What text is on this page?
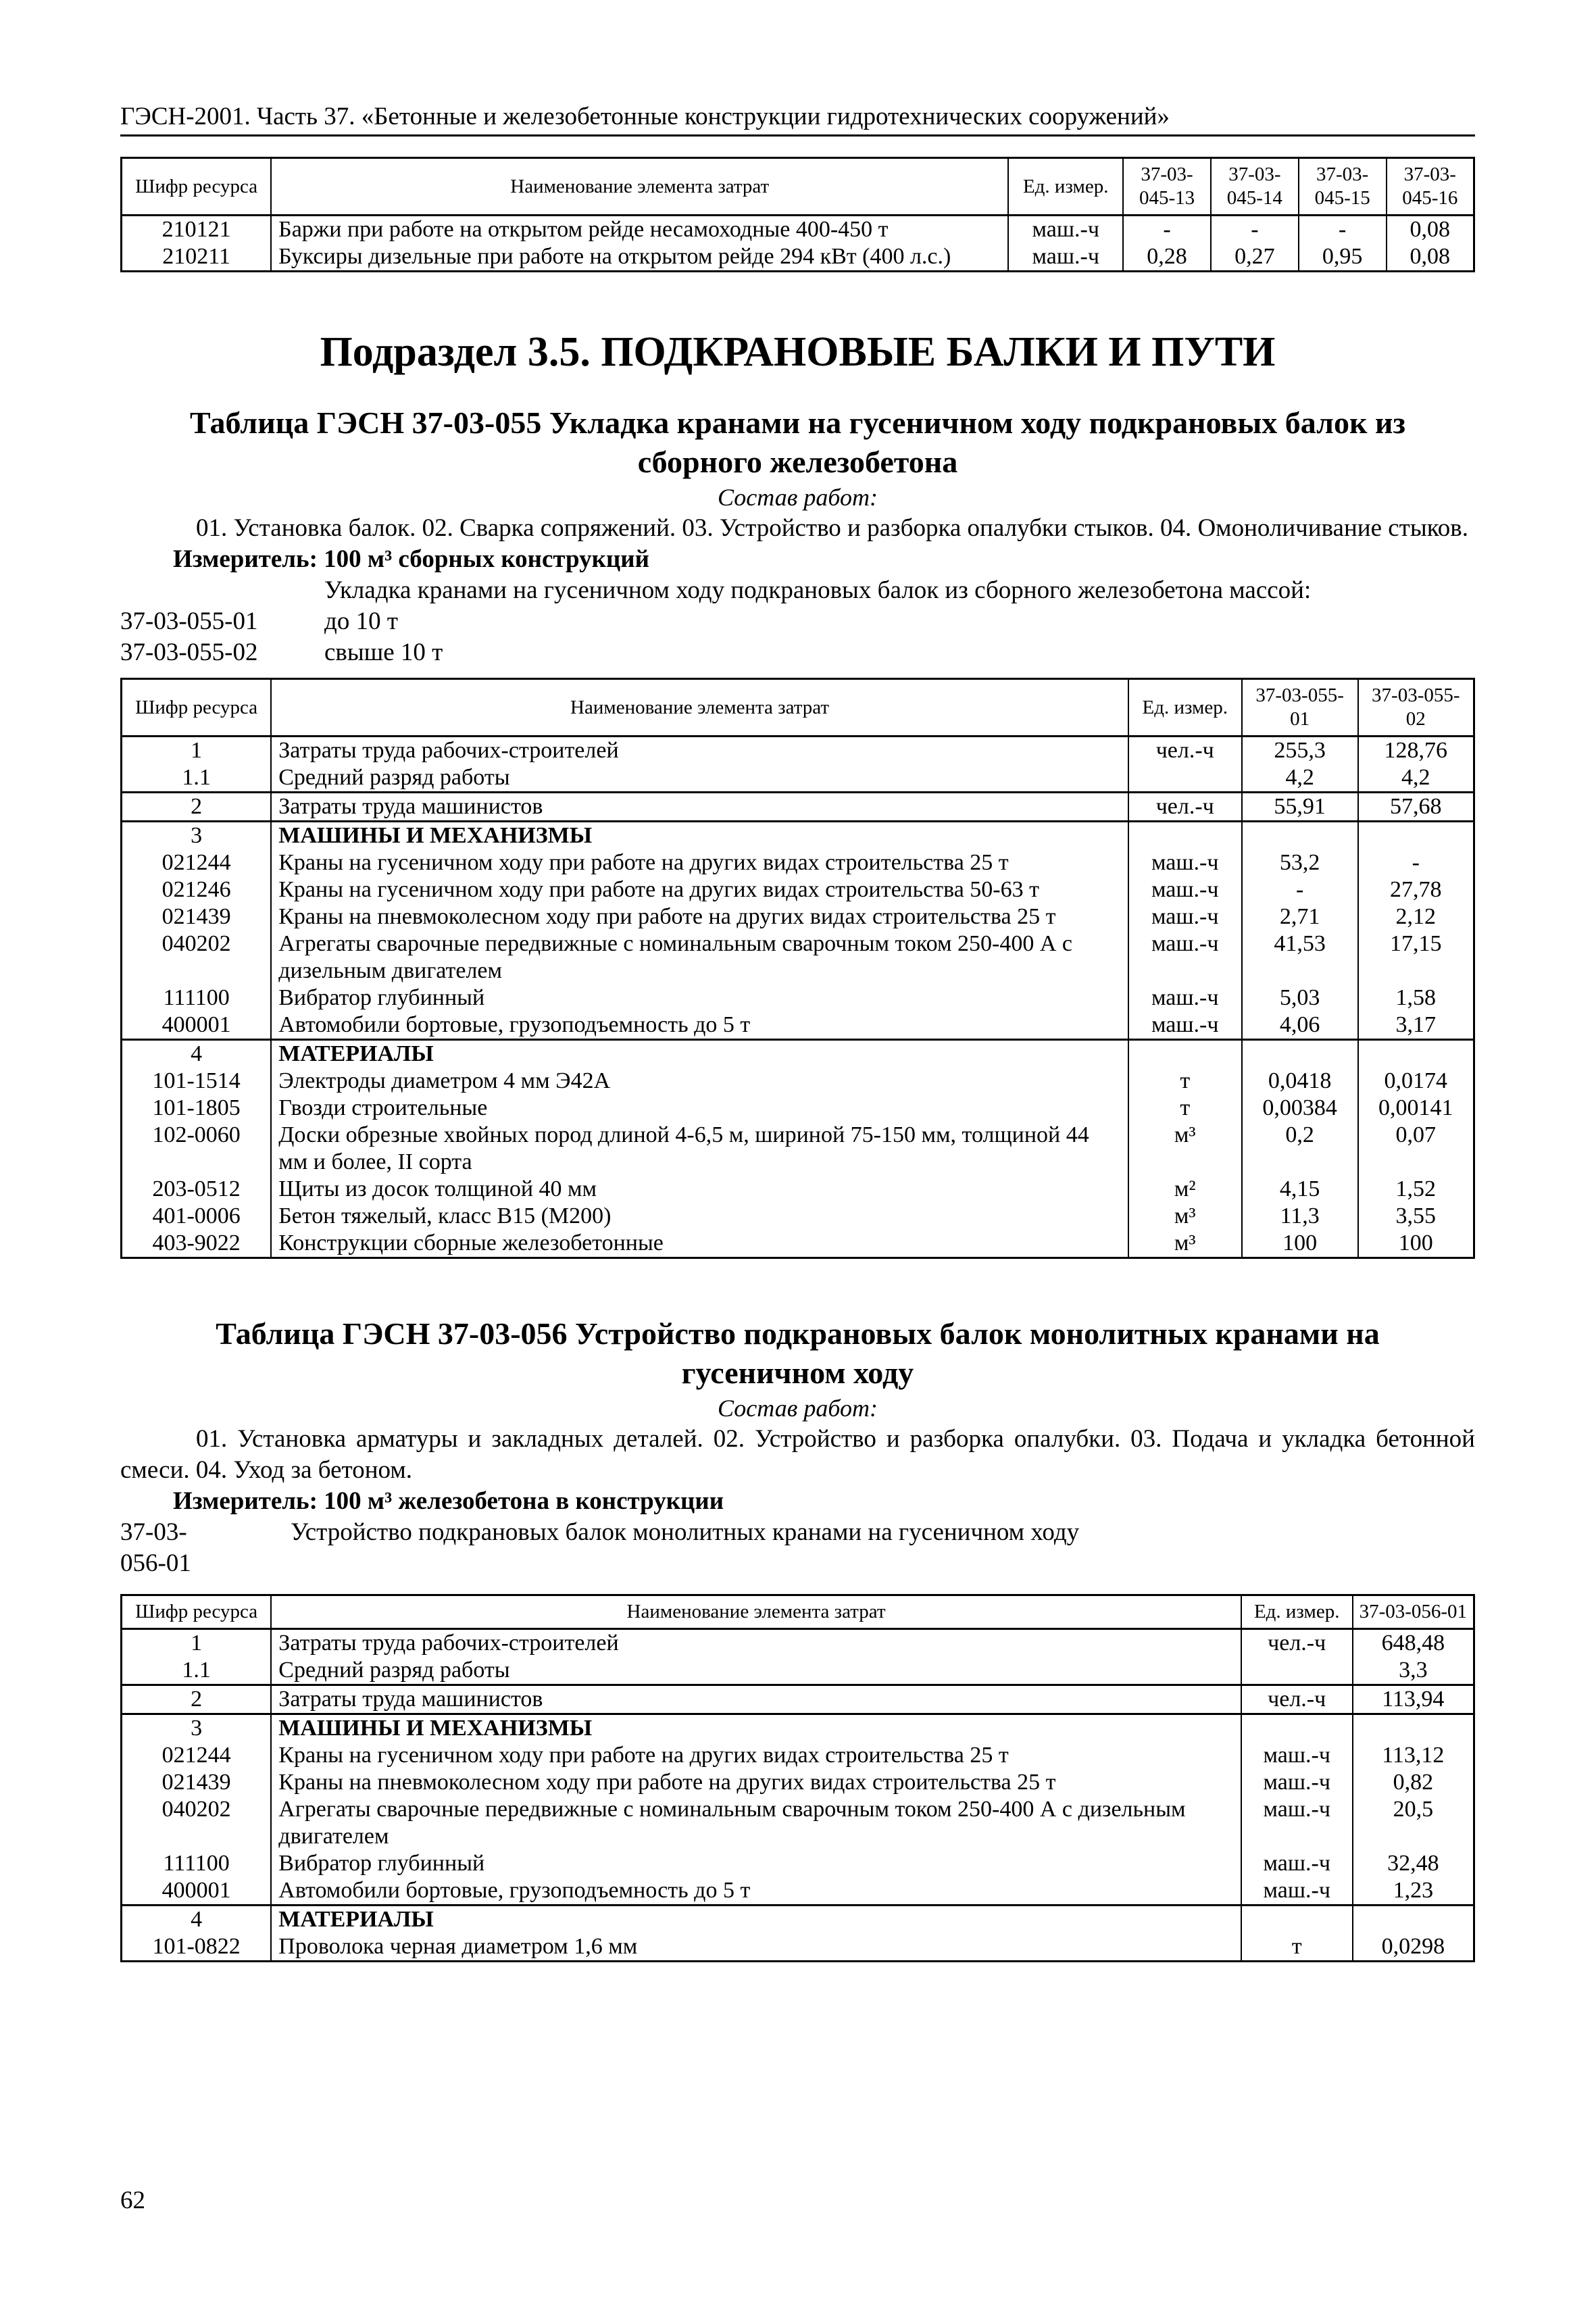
ГЭСН-2001. Часть 37. «Бетонные и железобетонные конструкции гидротехнических сооружений»
Шифр ресурса	Наименование элемента затрат	Ед. измер.	37-03-045-13	37-03-045-14	37-03-045-15	37-03-045-16
210121	Баржи при работе на открытом рейде несамоходные 400-450 т	маш.-ч	-	-	-	0,08
210211	Буксиры дизельные при работе на открытом рейде 294 кВт (400 л.с.)	маш.-ч	0,28	0,27	0,95	0,08

Подраздел 3.5. ПОДКРАНОВЫЕ БАЛКИ И ПУТИ

Таблица ГЭСН 37-03-055 Укладка кранами на гусеничном ходу подкрановых балок из

сборного железобетона

Состав работ:
01. Установка балок. 02. Сварка сопряжений. 03. Устройство и разборка опалубки стыков. 04. Омоноличивание стыков.
Измеритель: 100 м³ сборных конструкций
Укладка кранами на гусеничном ходу подкрановых балок из сборного железобетона массой:
37-03-055-01	до 10 т
37-03-055-02	свыше 10 т
Шифр ресурса	Наименование элемента затрат	Ед. измер.	37-03-055-01	37-03-055-02
1	Затраты труда рабочих-строителей	чел.-ч	255,3	128,76
1.1	Средний разряд работы		4,2	4,2
2	Затраты труда машинистов	чел.-ч	55,91	57,68
3	МАШИНЫ И МЕХАНИЗМЫ			
021244	Краны на гусеничном ходу при работе на других видах строительства 25 т	маш.-ч	53,2	-
021246	Краны на гусеничном ходу при работе на других видах строительства 50-63 т	маш.-ч	-	27,78
021439	Краны на пневмоколесном ходу при работе на других видах строительства 25 т	маш.-ч	2,71	2,12
040202	Агрегаты сварочные передвижные с номинальным сварочным током 250-400 А с дизельным двигателем	маш.-ч	41,53	17,15
111100	Вибратор глубинный	маш.-ч	5,03	1,58
400001	Автомобили бортовые, грузоподъемность до 5 т	маш.-ч	4,06	3,17
4	МАТЕРИАЛЫ			
101-1514	Электроды диаметром 4 мм Э42А	т	0,0418	0,0174
101-1805	Гвозди строительные	т	0,00384	0,00141
102-0060	Доски обрезные хвойных пород длиной 4-6,5 м, шириной 75-150 мм, толщиной 44 мм и более, II сорта	м³	0,2	0,07
203-0512	Щиты из досок толщиной 40 мм	м²	4,15	1,52
401-0006	Бетон тяжелый, класс В15 (М200)	м³	11,3	3,55
403-9022	Конструкции сборные железобетонные	м³	100	100

Таблица ГЭСН 37-03-056 Устройство подкрановых балок монолитных кранами на

гусеничном ходу

Состав работ:
01. Установка арматуры и закладных деталей. 02. Устройство и разборка опалубки. 03. Подача и укладка бетонной смеси. 04. Уход за бетоном.
Измеритель: 100 м³ железобетона в конструкции
37-03-056-01
Устройство подкрановых балок монолитных кранами на гусеничном ходу
Шифр ресурса	Наименование элемента затрат	Ед. измер.	37-03-056-01
1	Затраты труда рабочих-строителей	чел.-ч	648,48
1.1	Средний разряд работы		3,3
2	Затраты труда машинистов	чел.-ч	113,94
3	МАШИНЫ И МЕХАНИЗМЫ		
021244	Краны на гусеничном ходу при работе на других видах строительства 25 т	маш.-ч	113,12
021439	Краны на пневмоколесном ходу при работе на других видах строительства 25 т	маш.-ч	0,82
040202	Агрегаты сварочные передвижные с номинальным сварочным током 250-400 А с дизельным двигателем	маш.-ч	20,5
111100	Вибратор глубинный	маш.-ч	32,48
400001	Автомобили бортовые, грузоподъемность до 5 т	маш.-ч	1,23
4	МАТЕРИАЛЫ		
101-0822	Проволока черная диаметром 1,6 мм	т	0,0298
62
